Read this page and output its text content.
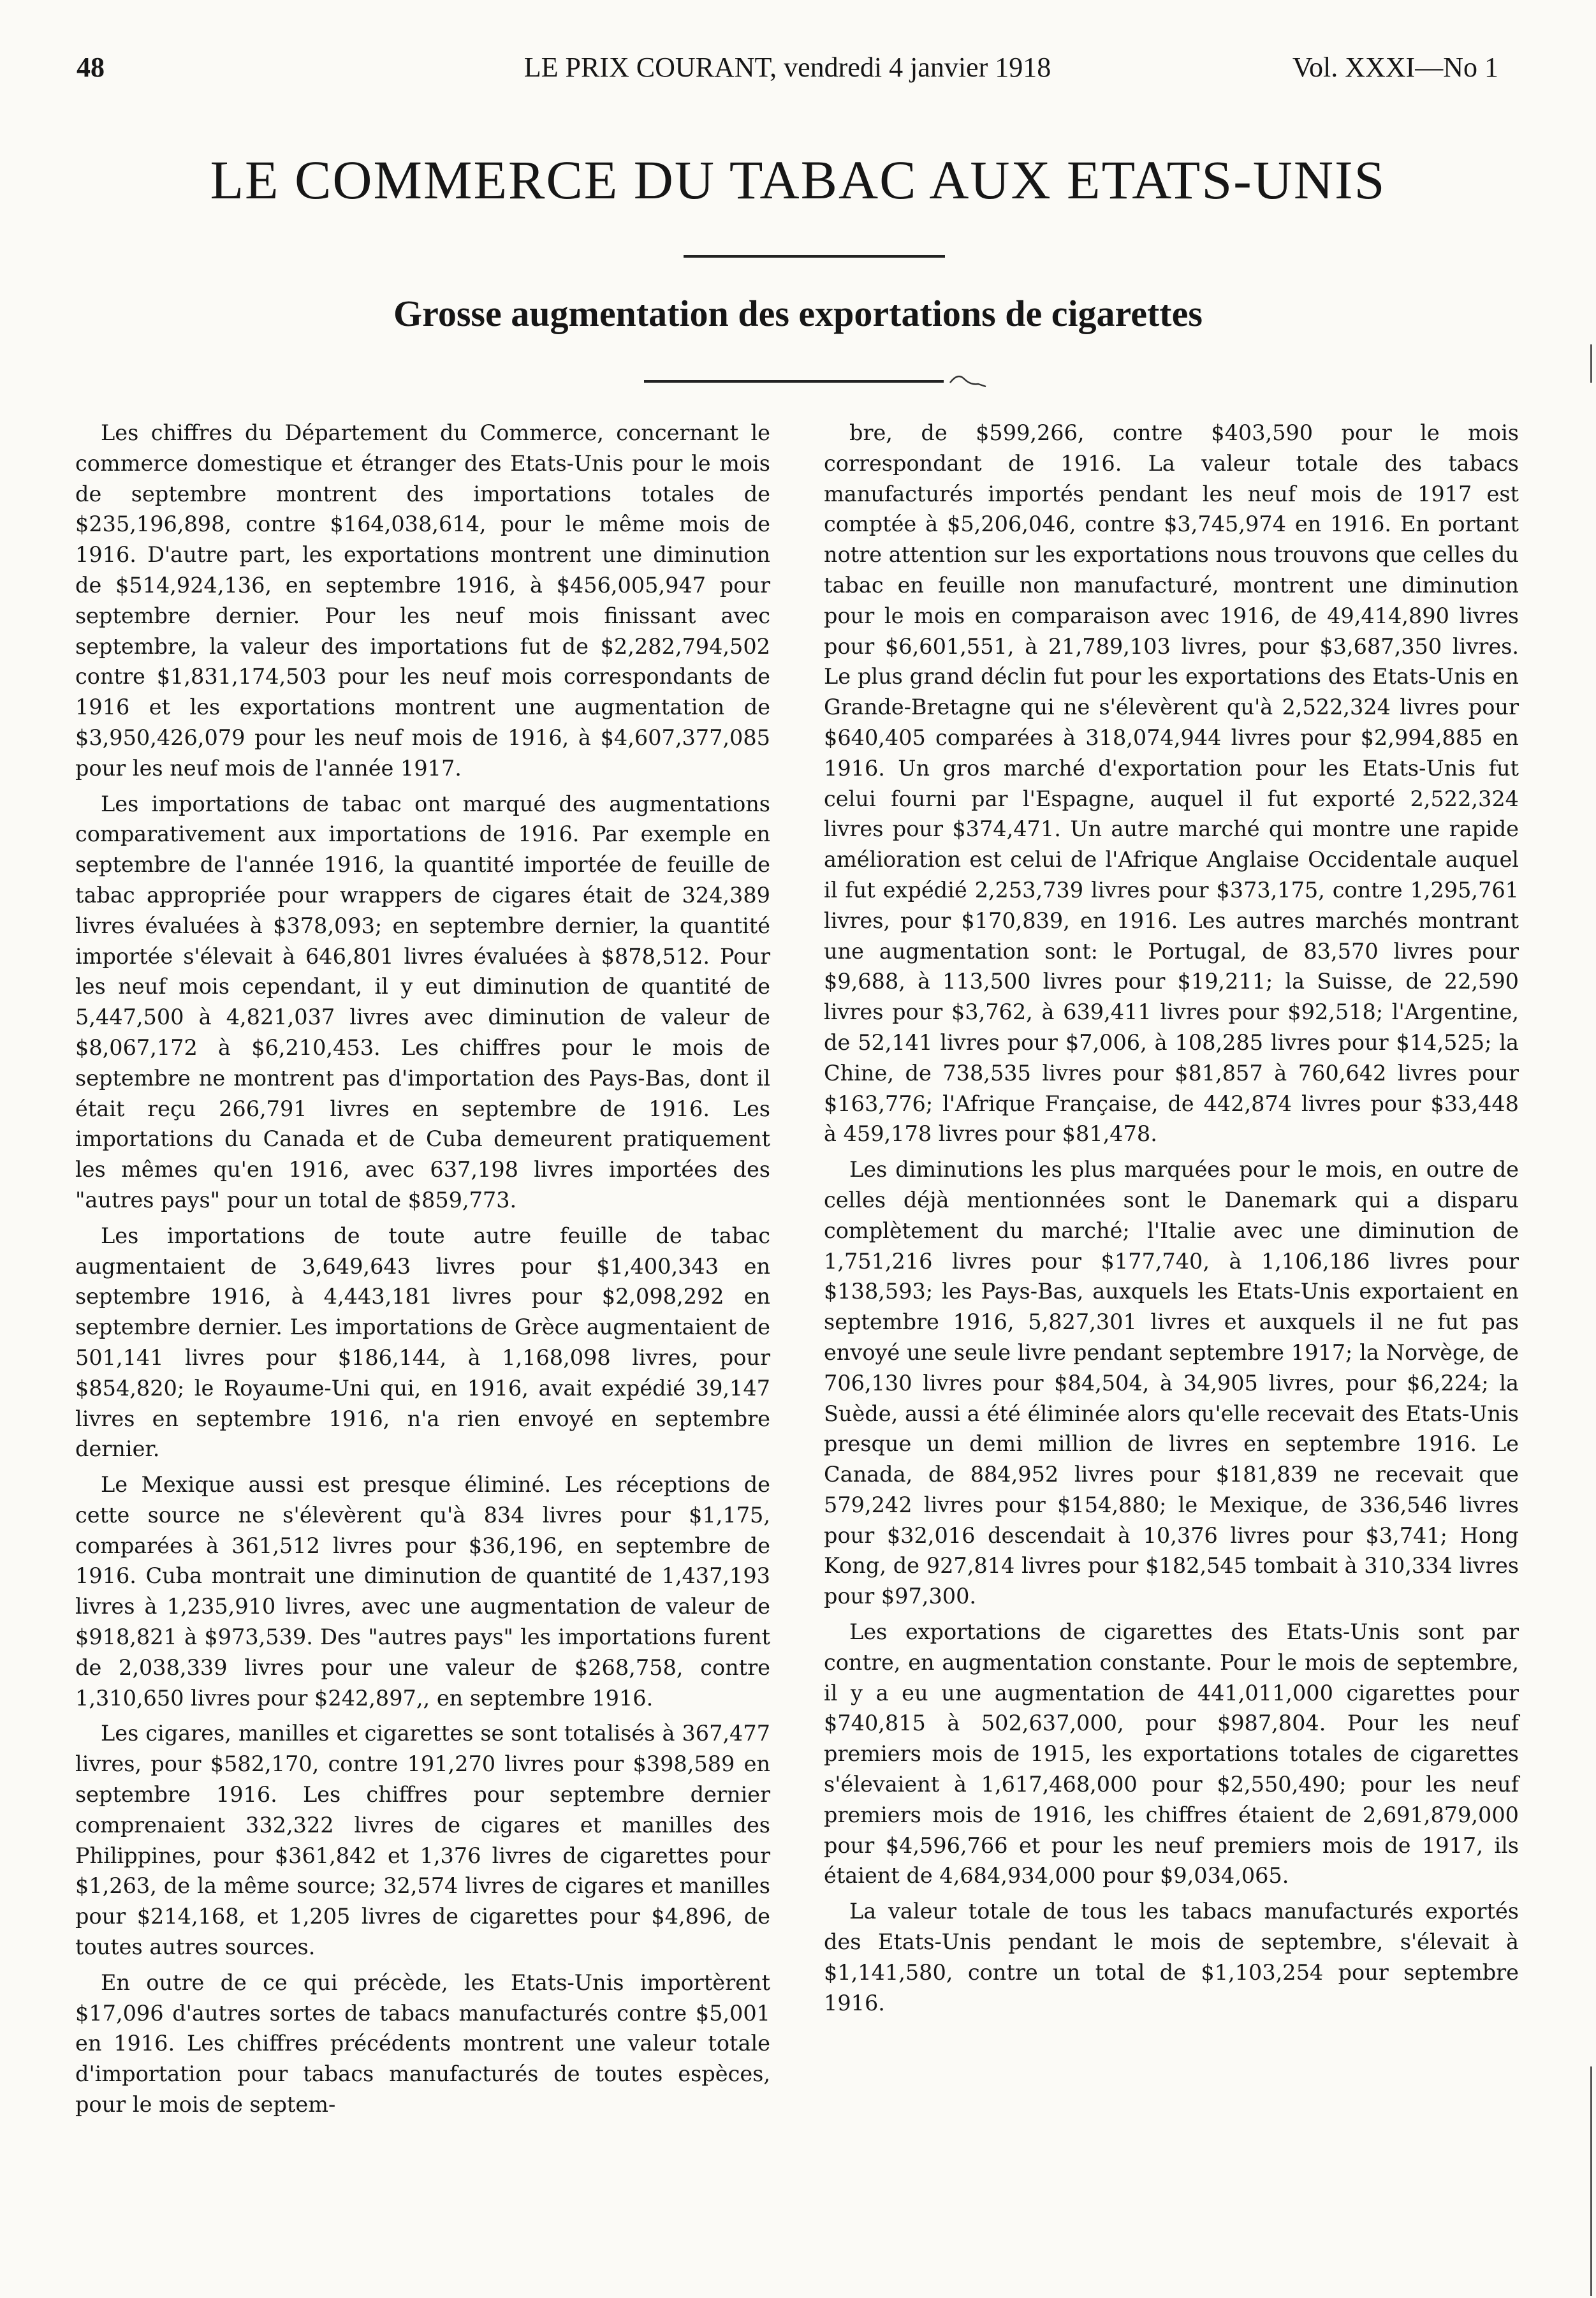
48	LE PRIX COURANT, vendredi 4 janvier 1918	Vol. XXXI—No 1
LE COMMERCE DU TABAC AUX ETATS-UNIS
Grosse augmentation des exportations de cigarettes

Les chiffres du Département du Commerce, concernant le commerce domestique et étranger des Etats-Unis pour le mois de septembre montrent des importations totales de $235,196,898, contre $164,038,614, pour le même mois de 1916. D'autre part, les exportations montrent une diminution de $514,924,136, en septembre 1916, à $456,005,947 pour septembre dernier. Pour les neuf mois finissant avec septembre, la valeur des importations fut de $2,282,794,502 contre $1,831,174,503 pour les neuf mois correspondants de 1916 et les exportations montrent une augmentation de $3,950,426,079 pour les neuf mois de 1916, à $4,607,377,085 pour les neuf mois de l'année 1917.

Les importations de tabac ont marqué des augmentations comparativement aux importations de 1916. Par exemple en septembre de l'année 1916, la quantité importée de feuille de tabac appropriée pour wrappers de cigares était de 324,389 livres évaluées à $378,093; en septembre dernier, la quantité importée s'élevait à 646,801 livres évaluées à $878,512. Pour les neuf mois cependant, il y eut diminution de quantité de 5,447,500 à 4,821,037 livres avec diminution de valeur de $8,067,172 à $6,210,453. Les chiffres pour le mois de septembre ne montrent pas d'importation des Pays-Bas, dont il était reçu 266,791 livres en septembre de 1916. Les importations du Canada et de Cuba demeurent pratiquement les mêmes qu'en 1916, avec 637,198 livres importées des "autres pays" pour un total de $859,773.

Les importations de toute autre feuille de tabac augmentaient de 3,649,643 livres pour $1,400,343 en septembre 1916, à 4,443,181 livres pour $2,098,292 en septembre dernier. Les importations de Grèce augmentaient de 501,141 livres pour $186,144, à 1,168,098 livres, pour $854,820; le Royaume-Uni qui, en 1916, avait expédié 39,147 livres en septembre 1916, n'a rien envoyé en septembre dernier.

Le Mexique aussi est presque éliminé. Les réceptions de cette source ne s'élevèrent qu'à 834 livres pour $1,175, comparées à 361,512 livres pour $36,196, en septembre de 1916. Cuba montrait une diminution de quantité de 1,437,193 livres à 1,235,910 livres, avec une augmentation de valeur de $918,821 à $973,539. Des "autres pays" les importations furent de 2,038,339 livres pour une valeur de $268,758, contre 1,310,650 livres pour $242,897,, en septembre 1916.

Les cigares, manilles et cigarettes se sont totalisés à 367,477 livres, pour $582,170, contre 191,270 livres pour $398,589 en septembre 1916. Les chiffres pour septembre dernier comprenaient 332,322 livres de cigares et manilles des Philippines, pour $361,842 et 1,376 livres de cigarettes pour $1,263, de la même source; 32,574 livres de cigares et manilles pour $214,168, et 1,205 livres de cigarettes pour $4,896, de toutes autres sources.

En outre de ce qui précède, les Etats-Unis importèrent $17,096 d'autres sortes de tabacs manufacturés contre $5,001 en 1916. Les chiffres précédents montrent une valeur totale d'importation pour tabacs manufacturés de toutes espèces, pour le mois de septem-

bre, de $599,266, contre $403,590 pour le mois correspondant de 1916. La valeur totale des tabacs manufacturés importés pendant les neuf mois de 1917 est comptée à $5,206,046, contre $3,745,974 en 1916. En portant notre attention sur les exportations nous trouvons que celles du tabac en feuille non manufacturé, montrent une diminution pour le mois en comparaison avec 1916, de 49,414,890 livres pour $6,601,551, à 21,789,103 livres, pour $3,687,350 livres. Le plus grand déclin fut pour les exportations des Etats-Unis en Grande-Bretagne qui ne s'élevèrent qu'à 2,522,324 livres pour $640,405 comparées à 318,074,944 livres pour $2,994,885 en 1916. Un gros marché d'exportation pour les Etats-Unis fut celui fourni par l'Espagne, auquel il fut exporté 2,522,324 livres pour $374,471. Un autre marché qui montre une rapide amélioration est celui de l'Afrique Anglaise Occidentale auquel il fut expédié 2,253,739 livres pour $373,175, contre 1,295,761 livres, pour $170,839, en 1916. Les autres marchés montrant une augmentation sont: le Portugal, de 83,570 livres pour $9,688, à 113,500 livres pour $19,211; la Suisse, de 22,590 livres pour $3,762, à 639,411 livres pour $92,518; l'Argentine, de 52,141 livres pour $7,006, à 108,285 livres pour $14,525; la Chine, de 738,535 livres pour $81,857 à 760,642 livres pour $163,776; l'Afrique Française, de 442,874 livres pour $33,448 à 459,178 livres pour $81,478.

Les diminutions les plus marquées pour le mois, en outre de celles déjà mentionnées sont le Danemark qui a disparu complètement du marché; l'Italie avec une diminution de 1,751,216 livres pour $177,740, à 1,106,186 livres pour $138,593; les Pays-Bas, auxquels les Etats-Unis exportaient en septembre 1916, 5,827,301 livres et auxquels il ne fut pas envoyé une seule livre pendant septembre 1917; la Norvège, de 706,130 livres pour $84,504, à 34,905 livres, pour $6,224; la Suède, aussi a été éliminée alors qu'elle recevait des Etats-Unis presque un demi million de livres en septembre 1916. Le Canada, de 884,952 livres pour $181,839 ne recevait que 579,242 livres pour $154,880; le Mexique, de 336,546 livres pour $32,016 descendait à 10,376 livres pour $3,741; Hong Kong, de 927,814 livres pour $182,545 tombait à 310,334 livres pour $97,300.

Les exportations de cigarettes des Etats-Unis sont par contre, en augmentation constante. Pour le mois de septembre, il y a eu une augmentation de 441,011,000 cigarettes pour $740,815 à 502,637,000, pour $987,804. Pour les neuf premiers mois de 1915, les exportations totales de cigarettes s'élevaient à 1,617,468,000 pour $2,550,490; pour les neuf premiers mois de 1916, les chiffres étaient de 2,691,879,000 pour $4,596,766 et pour les neuf premiers mois de 1917, ils étaient de 4,684,934,000 pour $9,034,065.

La valeur totale de tous les tabacs manufacturés exportés des Etats-Unis pendant le mois de septembre, s'élevait à $1,141,580, contre un total de $1,103,254 pour septembre 1916.
